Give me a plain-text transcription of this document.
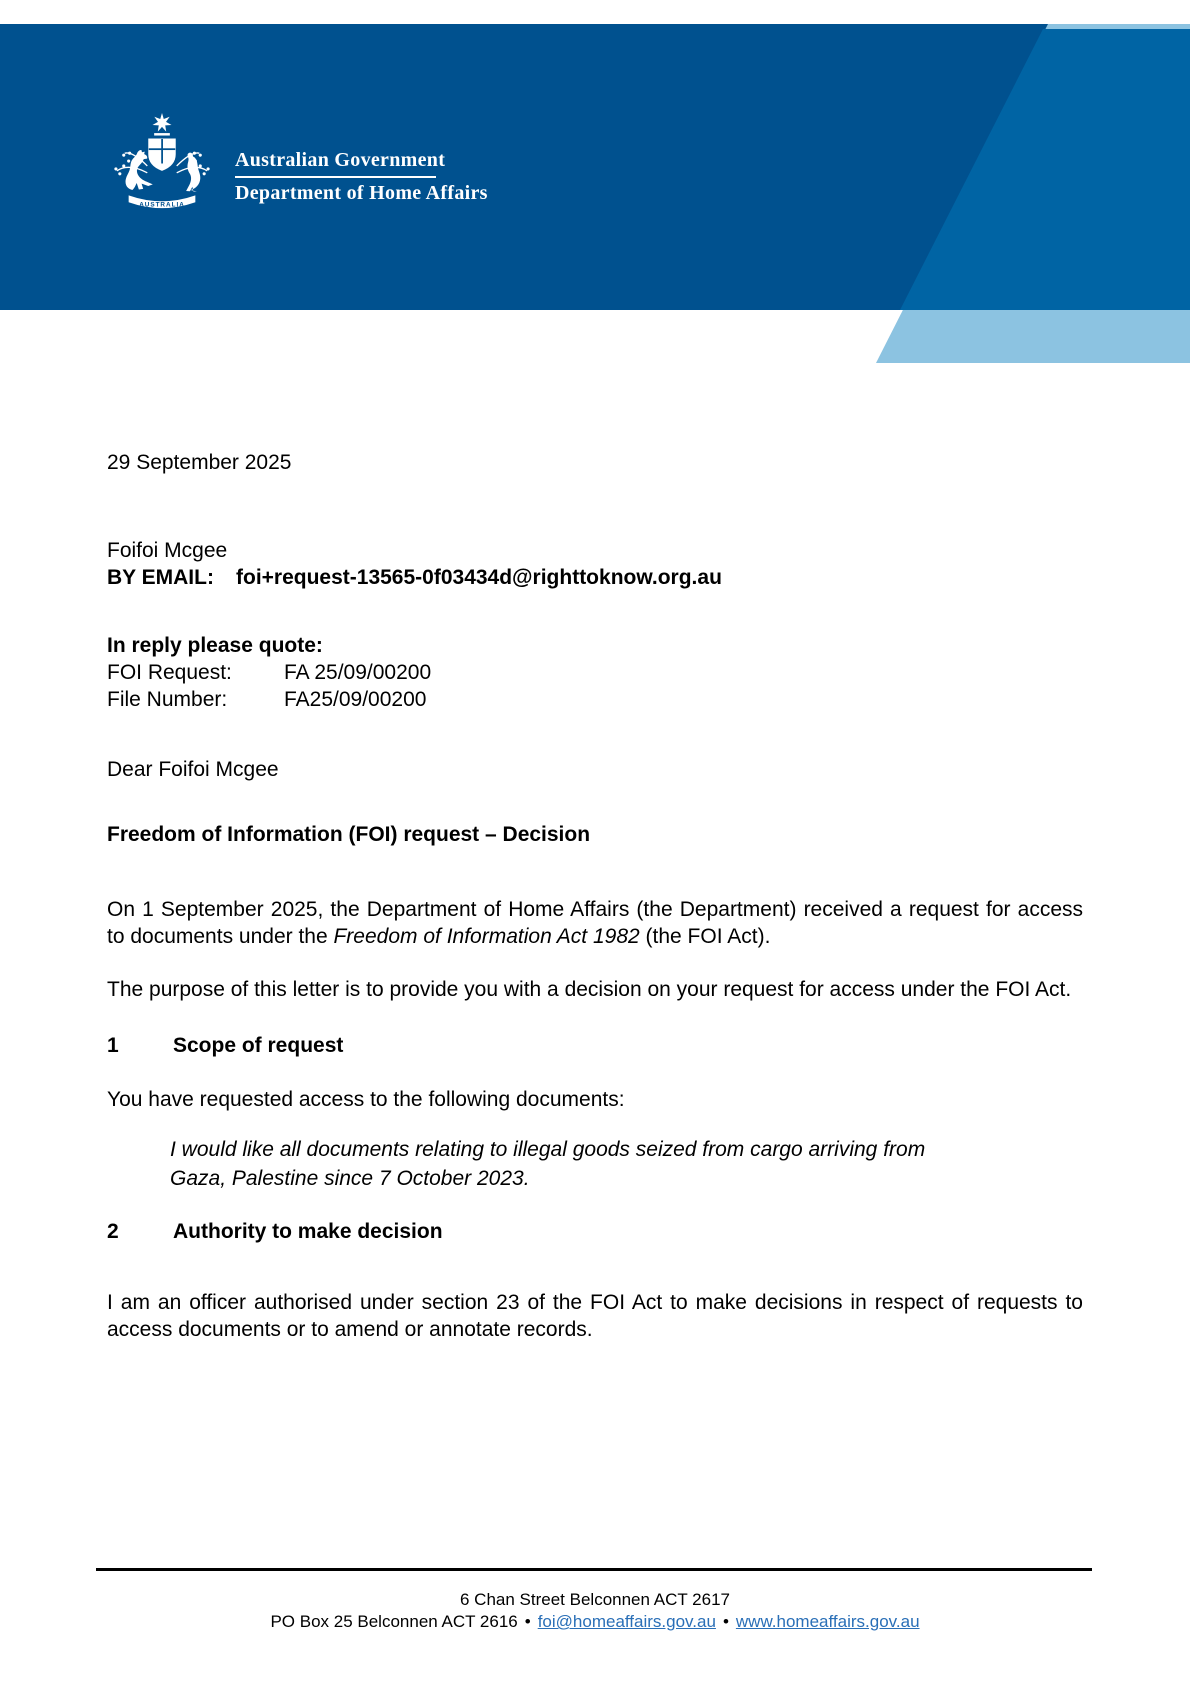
AUSTRALIA
Australian Government
Department of Home Affairs
29 September 2025
Foifoi Mcgee
BY EMAIL: foi+request-13565-0f03434d@righttoknow.org.au
In reply please quote:
FOI Request: FA 25/09/00200
File Number:	FA25/09/00200
Dear Foifoi Mcgee
Freedom of Information (FOI) request – Decision

On 1 September 2025, the Department of Home Affairs (the Department) received a request for access to documents under the Freedom of Information Act 1982 (the FOI Act).

The purpose of this letter is to provide you with a decision on your request for access under the FOI Act.

1	Scope of request
You have requested access to the following documents:
I would like all documents relating to illegal goods seized from cargo arriving from Gaza, Palestine since 7 October 2023.
2	Authority to make decision

I am an officer authorised under section 23 of the FOI Act to make decisions in respect of requests to access documents or to amend or annotate records.

6 Chan Street Belconnen ACT 2617
PO Box 25 Belconnen ACT 2616 • foi@homeaffairs.gov.au • www.homeaffairs.gov.au
